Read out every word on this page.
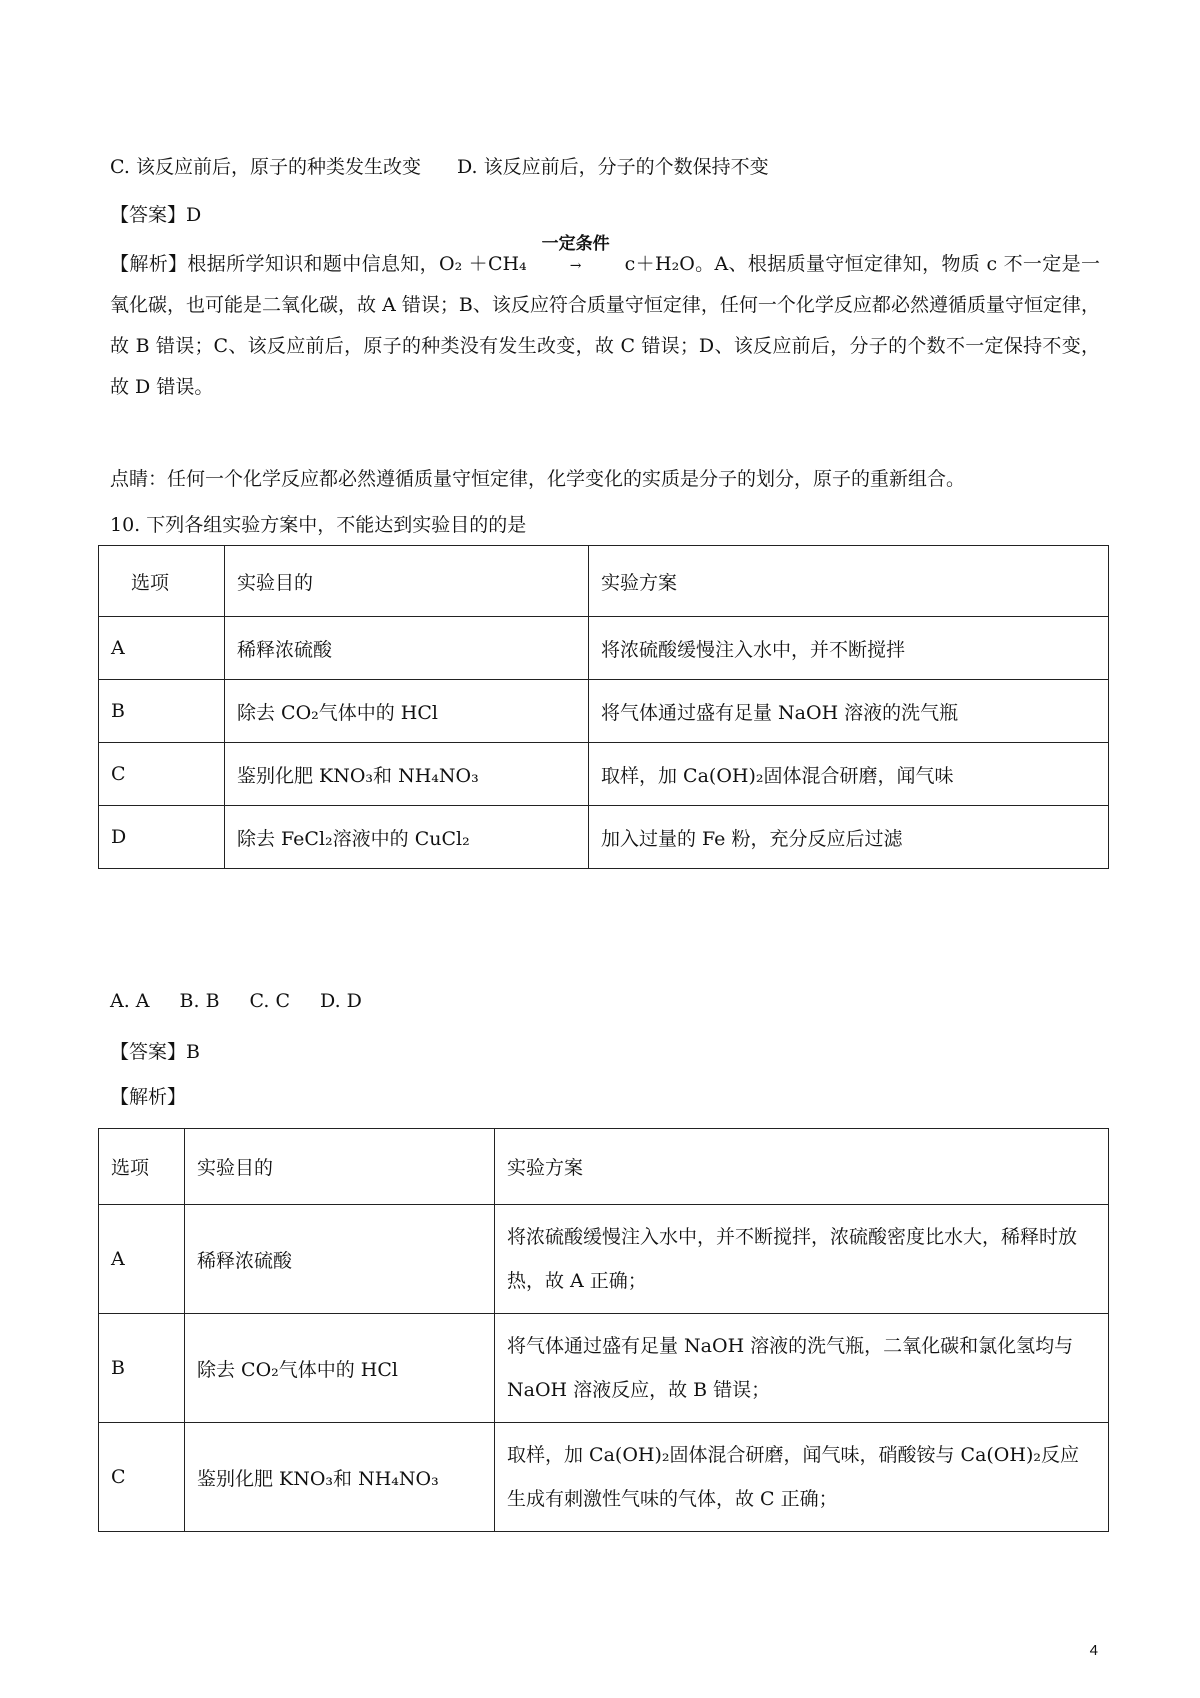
C. 该反应前后，原子的种类发生改变 D. 该反应前后，分子的个数保持不变
【答案】D
【解析】根据所学知识和题中信息知，O₂ ＋CH₄
一定条件
→	c＋H₂O。A、根据质量守恒定律知，物质 c 不一定是一氧化碳，也可能是二氧化碳，故 A 错误；B、该反应符合质量守恒定律，任何一个化学反应都必然遵循质量守恒定律，故 B 错误；C、该反应前后，原子的种类没有发生改变，故 C 错误；D、该反应前后，分子的个数不一定保持不变，故 D 错误。
点睛：任何一个化学反应都必然遵循质量守恒定律，化学变化的实质是分子的划分，原子的重新组合。
10. 下列各组实验方案中，不能达到实验目的的是
选项	实验目的	实验方案
A	稀释浓硫酸	将浓硫酸缓慢注入水中，并不断搅拌
B	除去 CO₂气体中的 HCl	将气体通过盛有足量 NaOH 溶液的洗气瓶
C	鉴别化肥 KNO₃和 NH₄NO₃	取样，加 Ca(OH)₂固体混合研磨，闻气味
D	除去 FeCl₂溶液中的 CuCl₂	加入过量的 Fe 粉，充分反应后过滤
A. A B. B C. C D. D
【答案】B
【解析】
选项	实验目的	实验方案
A	稀释浓硫酸	将浓硫酸缓慢注入水中，并不断搅拌，浓硫酸密度比水大，稀释时放热，故 A 正确；
B	除去 CO₂气体中的 HCl	将气体通过盛有足量 NaOH 溶液的洗气瓶，二氧化碳和氯化氢均与 NaOH 溶液反应，故 B 错误；
C	鉴别化肥 KNO₃和 NH₄NO₃	取样，加 Ca(OH)₂固体混合研磨，闻气味，硝酸铵与 Ca(OH)₂反应生成有刺激性气味的气体，故 C 正确；
4
